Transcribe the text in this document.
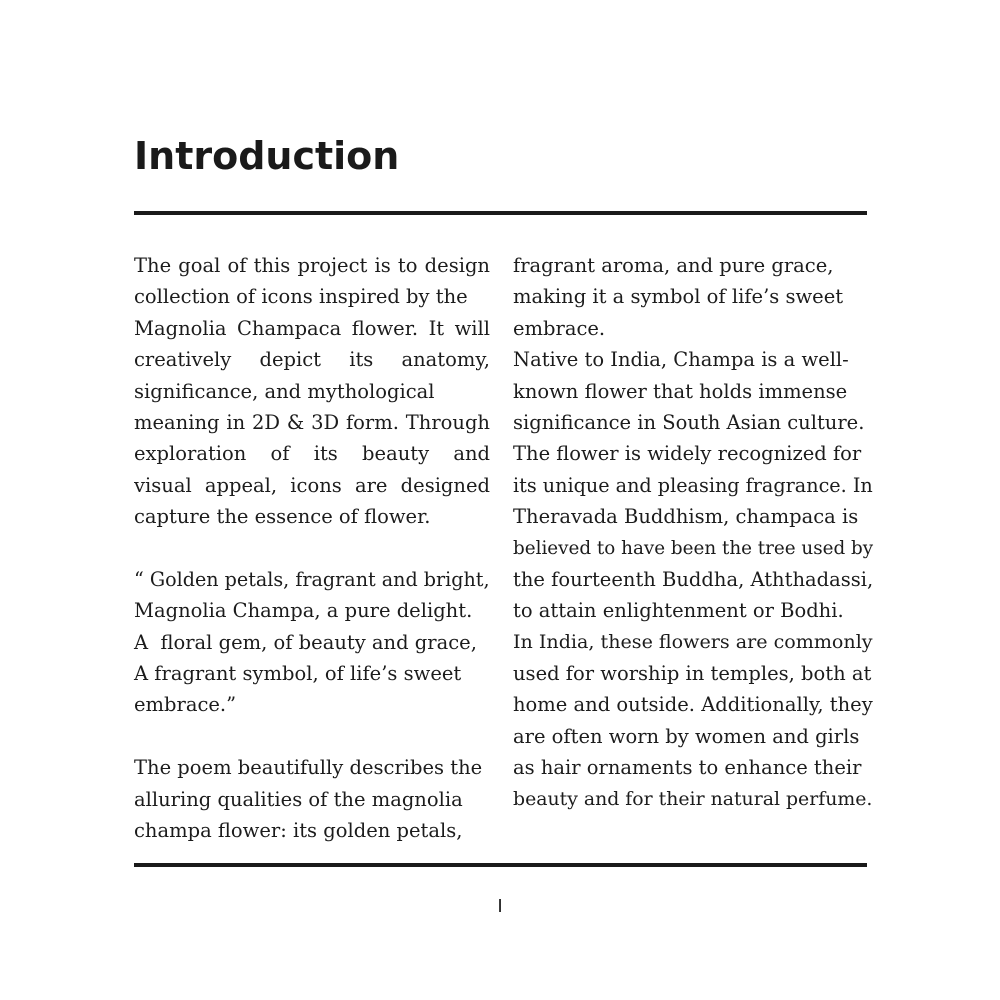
Introduction
The goal of this project is to design
collection of icons inspired by the
Magnolia Champaca flower. It will
creatively depict its anatomy,
significance, and mythological
meaning in 2D & 3D form. Through
exploration of its beauty and
visual appeal, icons are designed
capture the essence of flower.
“ Golden petals, fragrant and bright,
Magnolia Champa, a pure delight.
A  floral gem, of beauty and grace,
A fragrant symbol, of life’s sweet
embrace.”
The poem beautifully describes the
alluring qualities of the magnolia
champa flower: its golden petals,
fragrant aroma, and pure grace,
making it a symbol of life’s sweet
embrace.
Native to India, Champa is a well-
known flower that holds immense
significance in South Asian culture.
The flower is widely recognized for
its unique and pleasing fragrance. In
Theravada Buddhism, champaca is
believed to have been the tree used by
the fourteenth Buddha, Aththadassi,
to attain enlightenment or Bodhi.
In India, these flowers are commonly
used for worship in temples, both at
home and outside. Additionally, they
are often worn by women and girls
as hair ornaments to enhance their
beauty and for their natural perfume.
I
